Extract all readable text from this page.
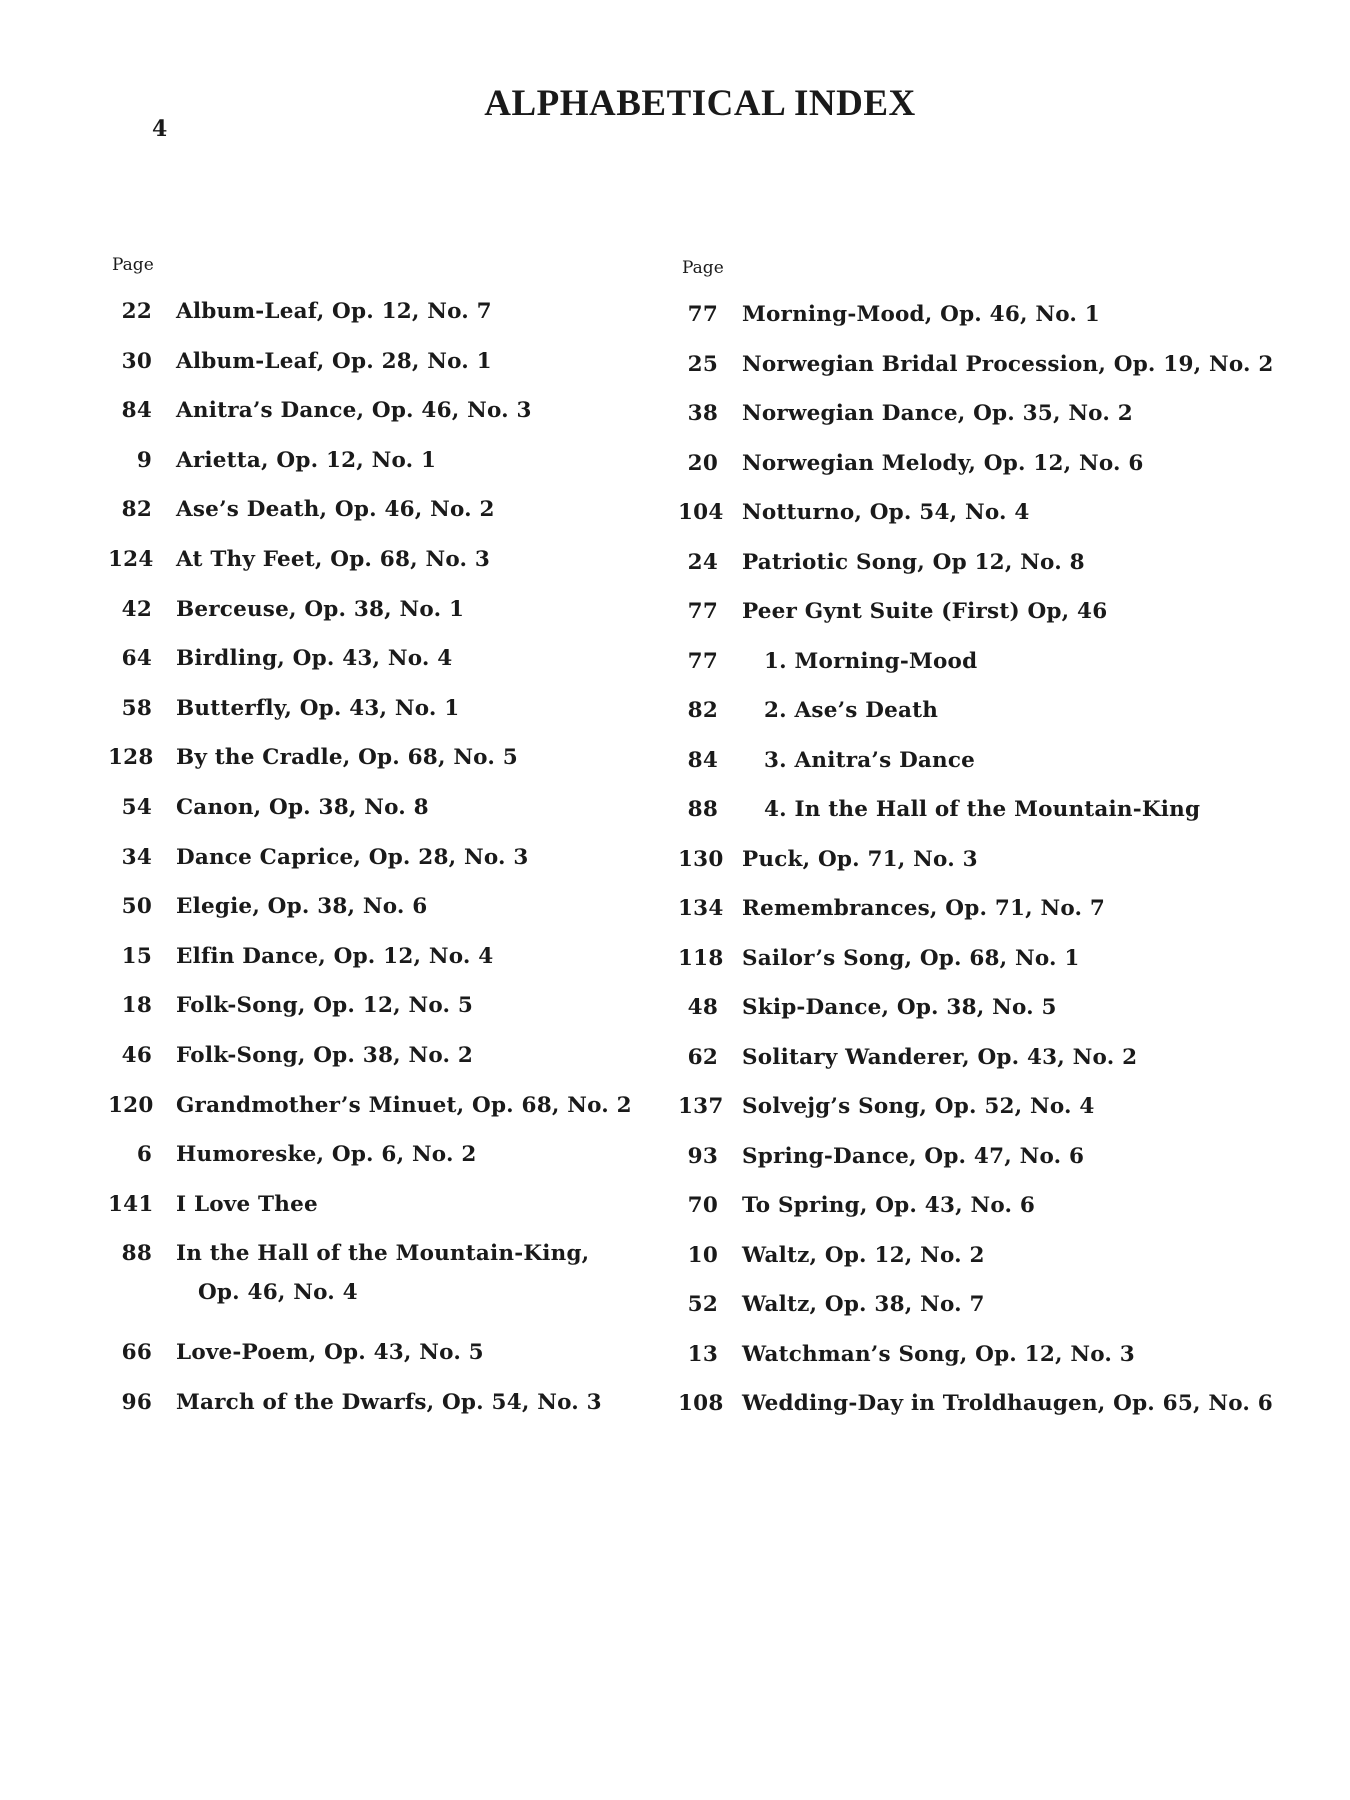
4
ALPHABETICAL INDEX
Page
22 Album-Leaf, Op. 12, No. 7
30 Album-Leaf, Op. 28, No. 1
84 Anitra’s Dance, Op. 46, No. 3
9 Arietta, Op. 12, No. 1
82 Ase’s Death, Op. 46, No. 2
124 At Thy Feet, Op. 68, No. 3
42 Berceuse, Op. 38, No. 1
64 Birdling, Op. 43, No. 4
58 Butterfly, Op. 43, No. 1
128 By the Cradle, Op. 68, No. 5
54 Canon, Op. 38, No. 8
34 Dance Caprice, Op. 28, No. 3
50 Elegie, Op. 38, No. 6
15 Elfin Dance, Op. 12, No. 4
18 Folk-Song, Op. 12, No. 5
46 Folk-Song, Op. 38, No. 2
120 Grandmother’s Minuet, Op. 68, No. 2
6 Humoreske, Op. 6, No. 2
141 I Love Thee
88 In the Hall of the Mountain-King,
Op. 46, No. 4
66 Love-Poem, Op. 43, No. 5
96 March of the Dwarfs, Op. 54, No. 3
Page
77 Morning-Mood, Op. 46, No. 1
25 Norwegian Bridal Procession, Op. 19, No. 2
38 Norwegian Dance, Op. 35, No. 2
20 Norwegian Melody, Op. 12, No. 6
104 Notturno, Op. 54, No. 4
24 Patriotic Song, Op 12, No. 8
77 Peer Gynt Suite (First) Op, 46
77 1. Morning-Mood
82 2. Ase’s Death
84 3. Anitra’s Dance
88 4. In the Hall of the Mountain-King
130 Puck, Op. 71, No. 3
134 Remembrances, Op. 71, No. 7
118 Sailor’s Song, Op. 68, No. 1
48 Skip-Dance, Op. 38, No. 5
62 Solitary Wanderer, Op. 43, No. 2
137 Solvejg’s Song, Op. 52, No. 4
93 Spring-Dance, Op. 47, No. 6
70 To Spring, Op. 43, No. 6
10 Waltz, Op. 12, No. 2
52 Waltz, Op. 38, No. 7
13 Watchman’s Song, Op. 12, No. 3
108 Wedding-Day in Troldhaugen, Op. 65, No. 6
